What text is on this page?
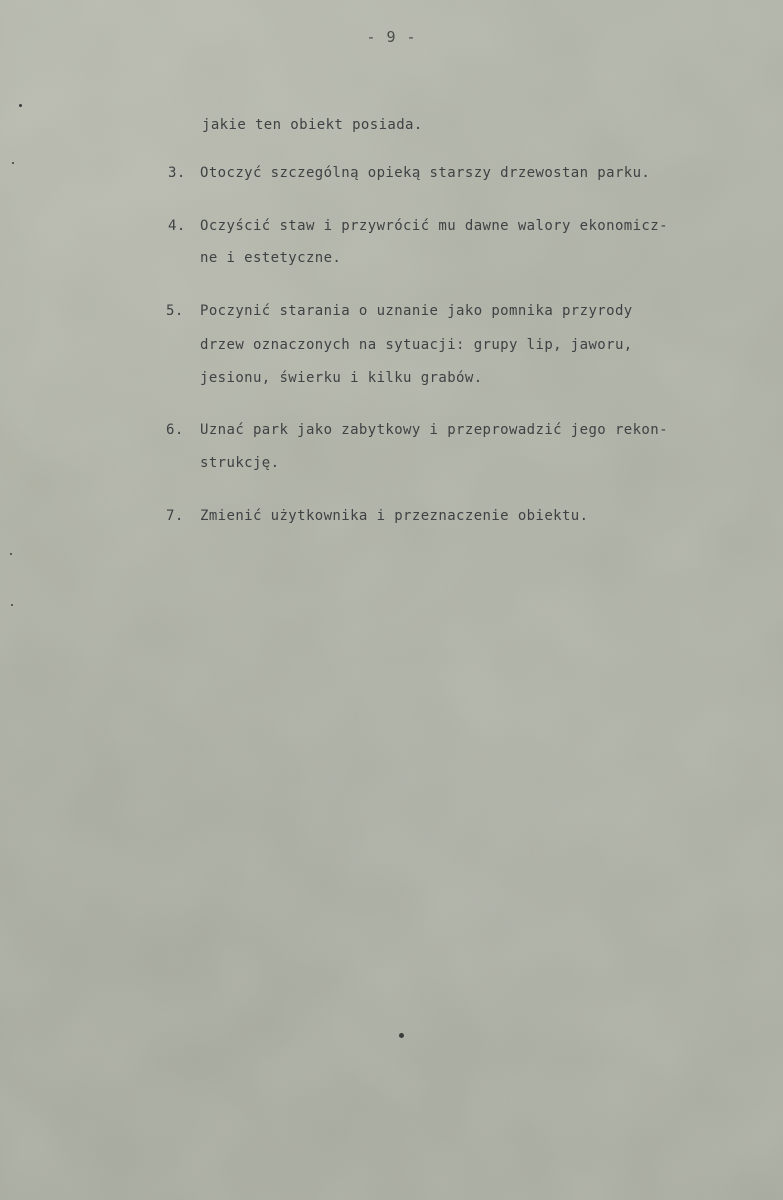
- 9 -
jakie ten obiekt posiada.
3. Otoczyć szczególną opieką starszy drzewostan parku.
4. Oczyścić staw i przywrócić mu dawne walory ekonomicz-
ne i estetyczne.
5. Poczynić starania o uznanie jako pomnika przyrody
drzew oznaczonych na sytuacji: grupy lip, jaworu,
jesionu, świerku i kilku grabów.
6. Uznać park jako zabytkowy i przeprowadzić jego rekon-
strukcję.
7. Zmienić użytkownika i przeznaczenie obiektu.
